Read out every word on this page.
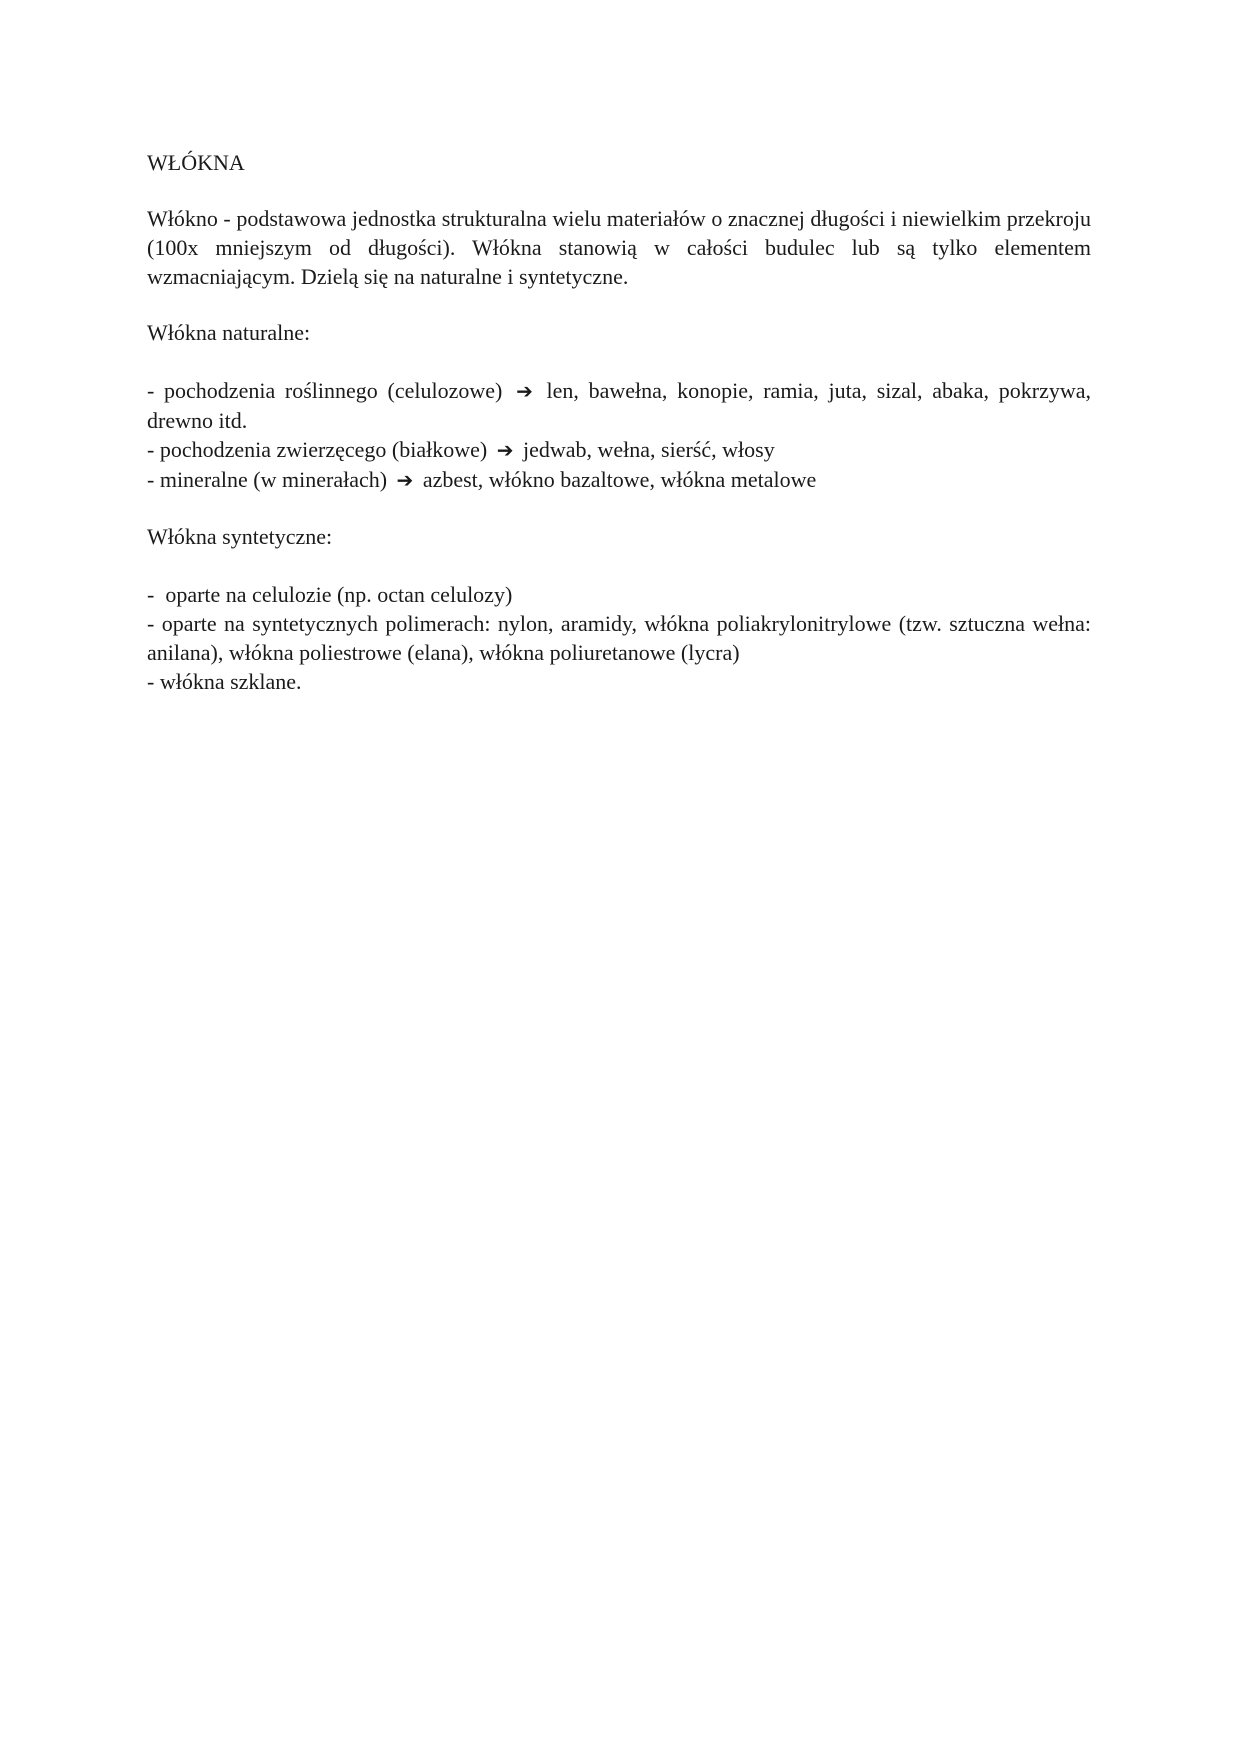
WŁÓKNA

Włókno - podstawowa jednostka strukturalna wielu materiałów o znacznej długości i niewielkim przekroju (100x mniejszym od długości). Włókna stanowią w całości budulec lub są tylko elementem wzmacniającym. Dzielą się na naturalne i syntetyczne.

Włókna naturalne:

- pochodzenia roślinnego (celulozowe) ➔ len, bawełna, konopie, ramia, juta, sizal, abaka, pokrzywa, drewno itd.

- pochodzenia zwierzęcego (białkowe) ➔ jedwab, wełna, sierść, włosy

- mineralne (w minerałach) ➔ azbest, włókno bazaltowe, włókna metalowe

Włókna syntetyczne:

-  oparte na celulozie (np. octan celulozy)

- oparte na syntetycznych polimerach: nylon, aramidy, włókna poliakrylonitrylowe (tzw. sztuczna wełna: anilana), włókna poliestrowe (elana), włókna poliuretanowe (lycra)

- włókna szklane.
